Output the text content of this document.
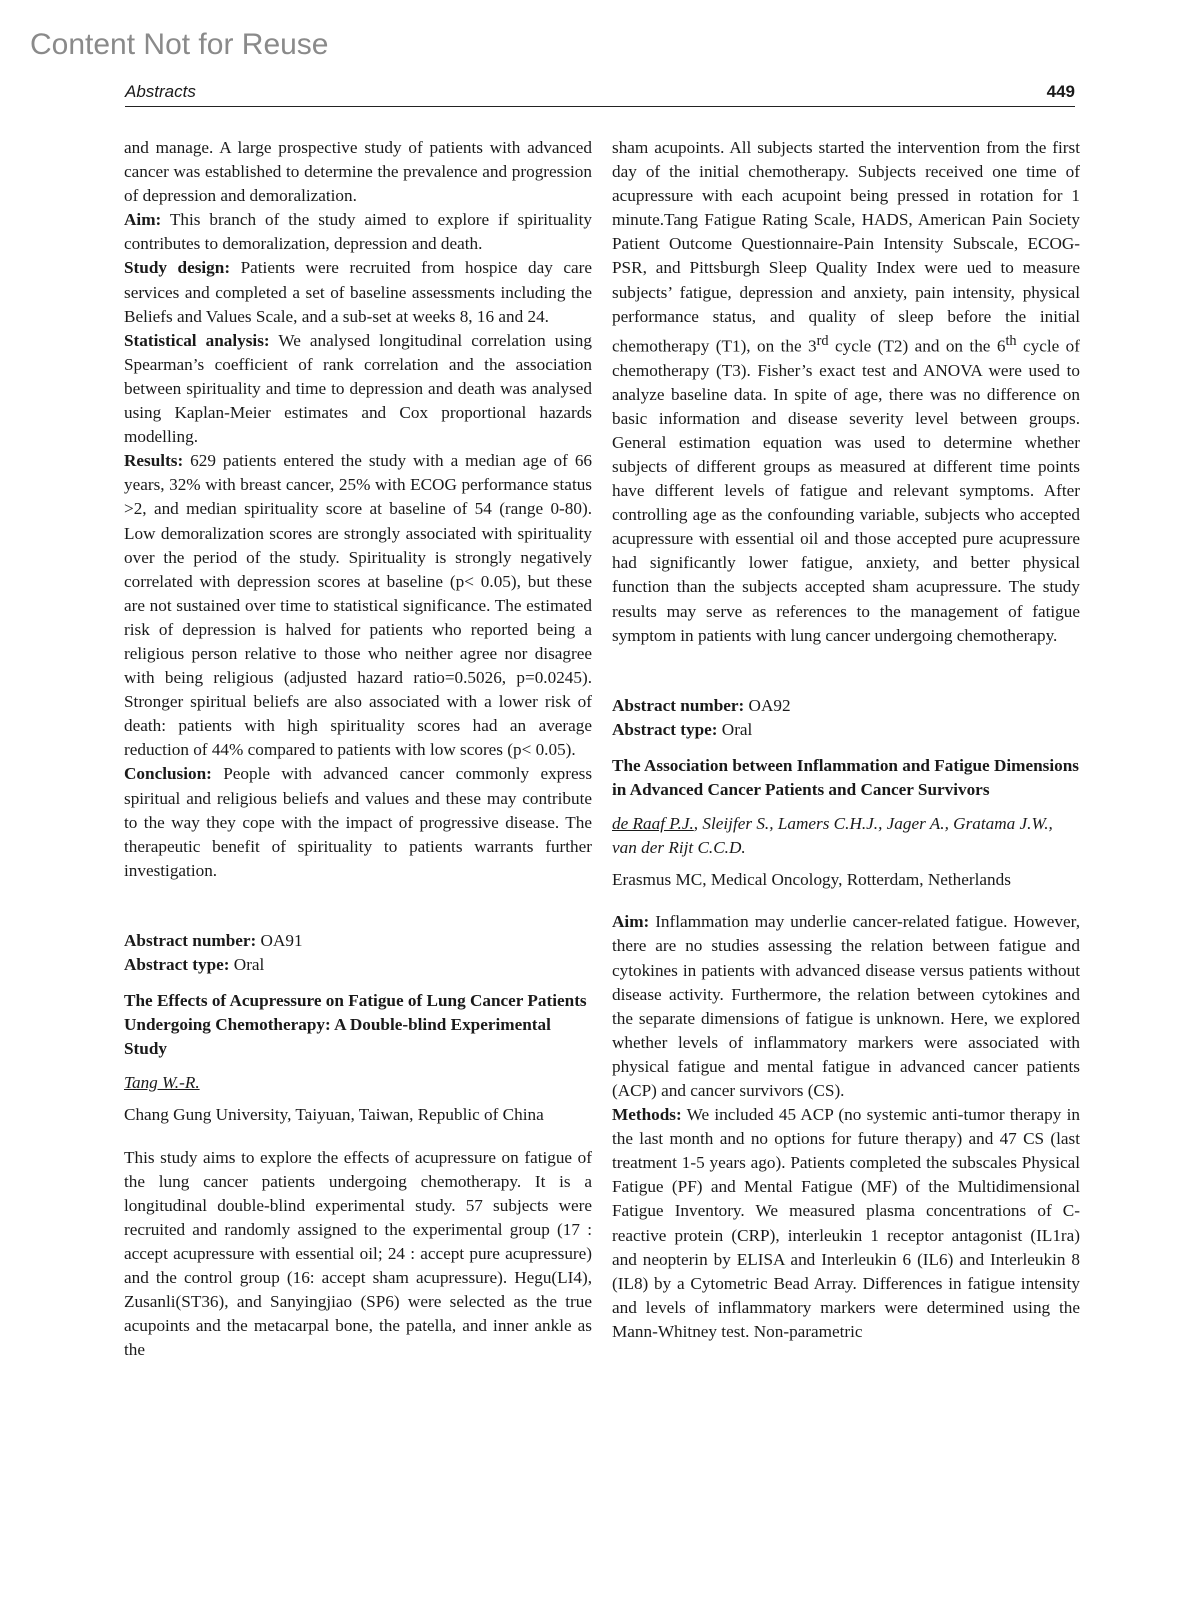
Content Not for Reuse
Abstracts	449

and manage. A large prospective study of patients with advanced cancer was established to determine the prevalence and progression of depression and demoralization.

Aim: This branch of the study aimed to explore if spirituality contributes to demoralization, depression and death.

Study design: Patients were recruited from hospice day care services and completed a set of baseline assessments including the Beliefs and Values Scale, and a sub-set at weeks 8, 16 and 24.

Statistical analysis: We analysed longitudinal correlation using Spearman’s coefficient of rank correlation and the association between spirituality and time to depression and death was analysed using Kaplan-Meier estimates and Cox proportional hazards modelling.

Results: 629 patients entered the study with a median age of 66 years, 32% with breast cancer, 25% with ECOG performance status >2, and median spirituality score at baseline of 54 (range 0-80). Low demoralization scores are strongly associated with spirituality over the period of the study. Spirituality is strongly negatively correlated with depression scores at baseline (p< 0.05), but these are not sustained over time to statistical significance. The estimated risk of depression is halved for patients who reported being a religious person relative to those who neither agree nor disagree with being religious (adjusted hazard ratio=0.5026, p=0.0245). Stronger spiritual beliefs are also associated with a lower risk of death: patients with high spirituality scores had an average reduction of 44% compared to patients with low scores (p< 0.05).

Conclusion: People with advanced cancer commonly express spiritual and religious beliefs and values and these may contribute to the way they cope with the impact of progressive disease. The therapeutic benefit of spirituality to patients warrants further investigation.

Abstract number: OA91

Abstract type: Oral

The Effects of Acupressure on Fatigue of Lung Cancer Patients Undergoing Chemotherapy: A Double-blind Experimental Study

Tang W.-R.

Chang Gung University, Taiyuan, Taiwan, Republic of China

This study aims to explore the effects of acupressure on fatigue of the lung cancer patients undergoing chemotherapy. It is a longitudinal double-blind experimental study. 57 subjects were recruited and randomly assigned to the experimental group (17 : accept acupressure with essential oil; 24 : accept pure acupressure) and the control group (16: accept sham acupressure). Hegu(LI4), Zusanli(ST36), and Sanyingjiao (SP6) were selected as the true acupoints and the metacarpal bone, the patella, and inner ankle as the

sham acupoints. All subjects started the intervention from the first day of the initial chemotherapy. Subjects received one time of acupressure with each acupoint being pressed in rotation for 1 minute.Tang Fatigue Rating Scale, HADS, American Pain Society Patient Outcome Questionnaire-Pain Intensity Subscale, ECOG-PSR, and Pittsburgh Sleep Quality Index were ued to measure subjects’ fatigue, depression and anxiety, pain intensity, physical performance status, and quality of sleep before the initial chemotherapy (T1), on the 3rd cycle (T2) and on the 6th cycle of chemotherapy (T3). Fisher’s exact test and ANOVA were used to analyze baseline data. In spite of age, there was no difference on basic information and disease severity level between groups. General estimation equation was used to determine whether subjects of different groups as measured at different time points have different levels of fatigue and relevant symptoms. After controlling age as the confounding variable, subjects who accepted acupressure with essential oil and those accepted pure acupressure had significantly lower fatigue, anxiety, and better physical function than the subjects accepted sham acupressure. The study results may serve as references to the management of fatigue symptom in patients with lung cancer undergoing chemotherapy.

Abstract number: OA92

Abstract type: Oral

The Association between Inflammation and Fatigue Dimensions in Advanced Cancer Patients and Cancer Survivors

de Raaf P.J., Sleijfer S., Lamers C.H.J., Jager A., Gratama J.W., van der Rijt C.C.D.

Erasmus MC, Medical Oncology, Rotterdam, Netherlands

Aim: Inflammation may underlie cancer-related fatigue. However, there are no studies assessing the relation between fatigue and cytokines in patients with advanced disease versus patients without disease activity. Furthermore, the relation between cytokines and the separate dimensions of fatigue is unknown. Here, we explored whether levels of inflammatory markers were associated with physical fatigue and mental fatigue in advanced cancer patients (ACP) and cancer survivors (CS).

Methods: We included 45 ACP (no systemic anti-tumor therapy in the last month and no options for future therapy) and 47 CS (last treatment 1-5 years ago). Patients completed the subscales Physical Fatigue (PF) and Mental Fatigue (MF) of the Multidimensional Fatigue Inventory. We measured plasma concentrations of C-reactive protein (CRP), interleukin 1 receptor antagonist (IL1ra) and neopterin by ELISA and Interleukin 6 (IL6) and Interleukin 8 (IL8) by a Cytometric Bead Array. Differences in fatigue intensity and levels of inflammatory markers were determined using the Mann-Whitney test. Non-parametric
